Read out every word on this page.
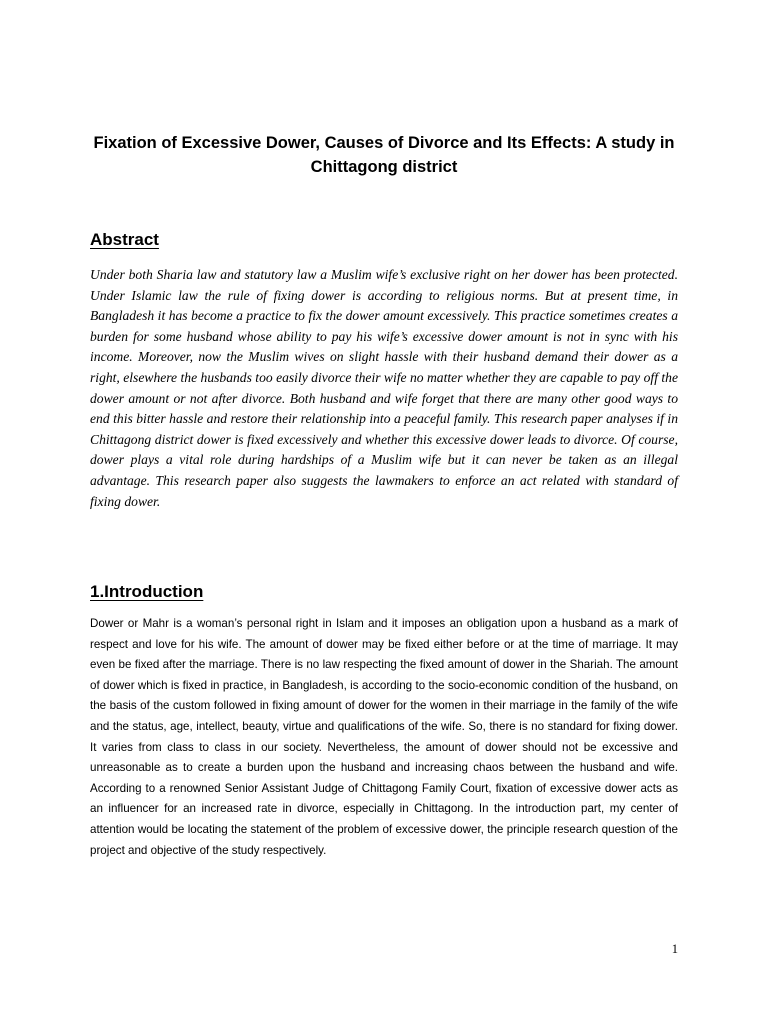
Fixation of Excessive Dower, Causes of Divorce and Its Effects: A study in Chittagong district
Abstract

Under both Sharia law and statutory law a Muslim wife’s exclusive right on her dower has been protected. Under Islamic law the rule of fixing dower is according to religious norms. But at present time, in Bangladesh it has become a practice to fix the dower amount excessively. This practice sometimes creates a burden for some husband whose ability to pay his wife’s excessive dower amount is not in sync with his income. Moreover, now the Muslim wives on slight hassle with their husband demand their dower as a right, elsewhere the husbands too easily divorce their wife no matter whether they are capable to pay off the dower amount or not after divorce. Both husband and wife forget that there are many other good ways to end this bitter hassle and restore their relationship into a peaceful family. This research paper analyses if in Chittagong district dower is fixed excessively and whether this excessive dower leads to divorce. Of course, dower plays a vital role during hardships of a Muslim wife but it can never be taken as an illegal advantage. This research paper also suggests the lawmakers to enforce an act related with standard of fixing dower.

1.Introduction

Dower or Mahr is a woman’s personal right in Islam and it imposes an obligation upon a husband as a mark of respect and love for his wife. The amount of dower may be fixed either before or at the time of marriage. It may even be fixed after the marriage. There is no law respecting the fixed amount of dower in the Shariah. The amount of dower which is fixed in practice, in Bangladesh, is according to the socio-economic condition of the husband, on the basis of the custom followed in fixing amount of dower for the women in their marriage in the family of the wife and the status, age, intellect, beauty, virtue and qualifications of the wife. So, there is no standard for fixing dower. It varies from class to class in our society. Nevertheless, the amount of dower should not be excessive and unreasonable as to create a burden upon the husband and increasing chaos between the husband and wife. According to a renowned Senior Assistant Judge of Chittagong Family Court, fixation of excessive dower acts as an influencer for an increased rate in divorce, especially in Chittagong. In the introduction part, my center of attention would be locating the statement of the problem of excessive dower, the principle research question of the project and objective of the study respectively.

1
